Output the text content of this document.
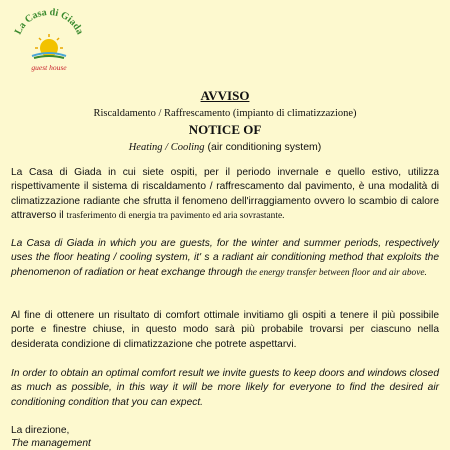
La Casa di Giada
guest house
AVVISO
Riscaldamento / Raffrescamento (impianto di climatizzazione)
NOTICE OF
Heating / Cooling (air conditioning system)

La Casa di Giada in cui siete ospiti, per il periodo invernale e quello estivo, utilizza rispettivamente il sistema di riscaldamento / raffrescamento dal pavimento, è una modalità di climatizzazione radiante che sfrutta il fenomeno dell'irraggiamento ovvero lo scambio di calore attraverso il trasferimento di energia tra pavimento ed aria sovrastante.

La Casa di Giada in which you are guests, for the winter and summer periods, respectively uses the floor heating / cooling system, it' s a radiant air conditioning method that exploits the phenomenon of radiation or heat exchange through the energy transfer between floor and air above.

Al fine di ottenere un risultato di comfort ottimale invitiamo gli ospiti a tenere il più possibile porte e finestre chiuse, in questo modo sarà più probabile trovarsi per ciascuno nella desiderata condizione di climatizzazione che potrete aspettarvi.

In order to obtain an optimal comfort result we invite guests to keep doors and windows closed as much as possible, in this way it will be more likely for everyone to find the desired air conditioning condition that you can expect.

La direzione,
The management
